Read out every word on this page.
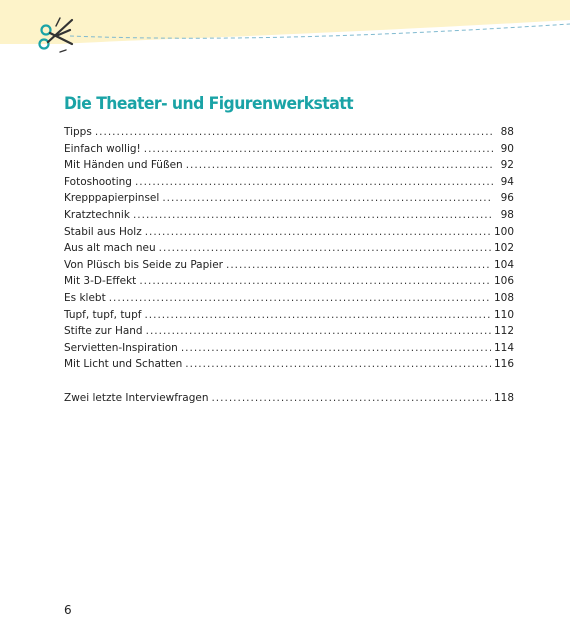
Die Theater- und Figurenwerkstatt
Tipps .....	88
Einfach wollig! .....	90
Mit Händen und Füßen .....	92
Fotoshooting .....	94
Krepppapierpinsel .....	96
Kratztechnik .....	98
Stabil aus Holz .....	100
Aus alt mach neu .....	102
Von Plüsch bis Seide zu Papier .....	104
Mit 3-D-Effekt .....	106
Es klebt .....	108
Tupf, tupf, tupf .....	110
Stifte zur Hand .....	112
Servietten-Inspiration .....	114
Mit Licht und Schatten .....	116
Zwei letzte Interviewfragen .....	118
6
